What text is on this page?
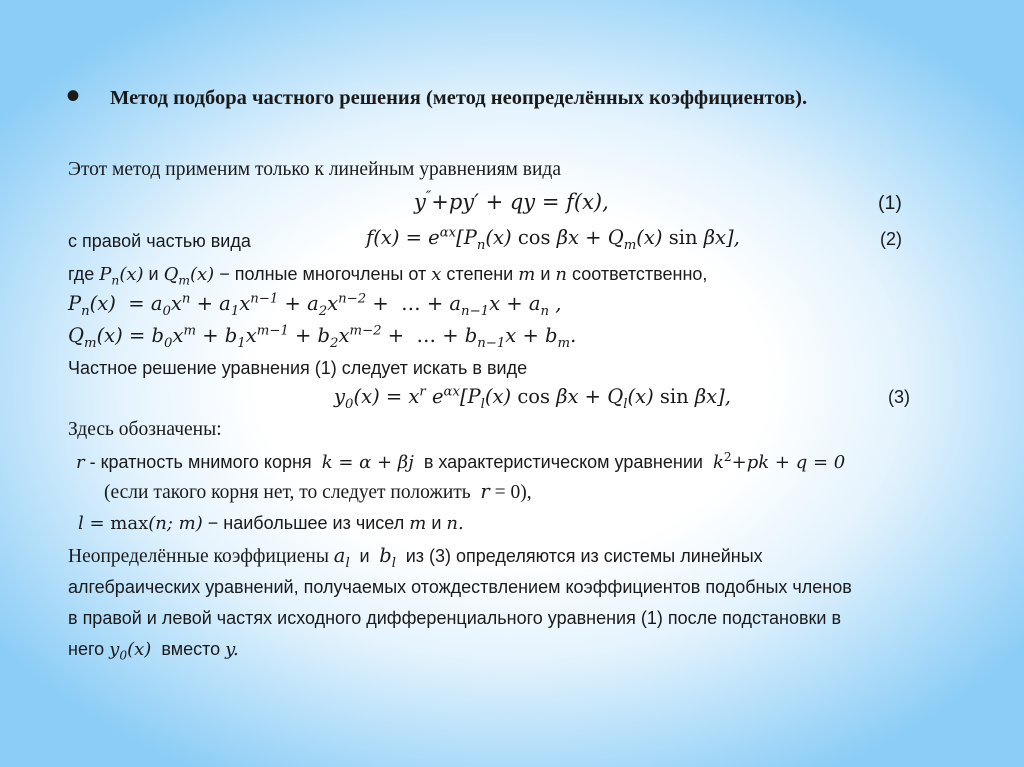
• Метод подбора частного решения (метод неопределённых коэффициентов).
Этот метод применим только к линейным уравнениям вида
y″+py′ + qy = f(x),	(1)
с правой частью вида	$f(x) = e^{\alpha x}[P_n(x)$ $\cos \beta x + Q_m(x)$ sin βx],	(2)
где $P_n(x)$ и $Q_m(x)$ − полные многочлены от x степени m и n соответственно,
$P_n(x) = a_0x^n + a_1x^{n-1} + a_2x^{n-2}$ +  … + $a_{n-1}x + a_n$ ,
$Q_m(x) = b_0x^m + b_1x^{m-1} + b_2x^{m-2}$ +  … + $b_{n-1}x + b_m$.
Частное решение уравнения (1) следует искать в виде
$y_0(x) = x^r$ $e^{\alpha x}[P_l(x)$ $\cos \beta x + Q_l(x)$ sin βx],	(3)
Здесь обозначены:
r - кратность мнимого корня k = α + βj в характеристическом уравнении $k^2+pk + q = 0$
(если такого корня нет, то следует положить  r = 0),
l = max(n; m) − наибольшее из чисел m и n.
Неопределённые коэффициены $a_l$ и $b_l$ из (3) определяются из системы линейных
алгебраических уравнений, получаемых отождествлением коэффициентов подобных членов
в правой и левой частях исходного дифференциального уравнения (1) после подстановки в
него $y_0(x)$ вместо y.
